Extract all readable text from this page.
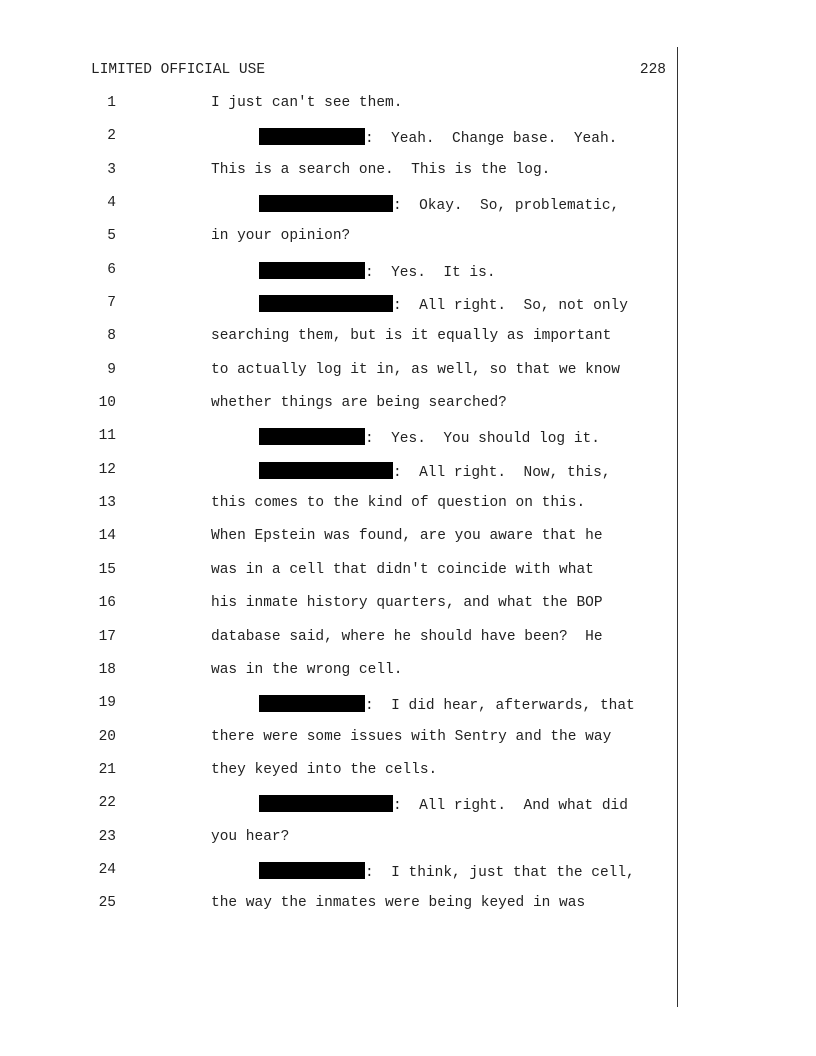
LIMITED OFFICIAL USE	228
1	I just can't see them.
2	:  Yeah.  Change base.  Yeah.
3	This is a search one.  This is the log.
4	:  Okay.  So, problematic,
5	in your opinion?
6	:  Yes.  It is.
7	:  All right.  So, not only
8	searching them, but is it equally as important
9	to actually log it in, as well, so that we know
10	whether things are being searched?
11	:  Yes.  You should log it.
12	:  All right.  Now, this,
13	this comes to the kind of question on this.
14	When Epstein was found, are you aware that he
15	was in a cell that didn't coincide with what
16	his inmate history quarters, and what the BOP
17	database said, where he should have been?  He
18	was in the wrong cell.
19	:  I did hear, afterwards, that
20	there were some issues with Sentry and the way
21	they keyed into the cells.
22	:  All right.  And what did
23	you hear?
24	:  I think, just that the cell,
25	the way the inmates were being keyed in was
